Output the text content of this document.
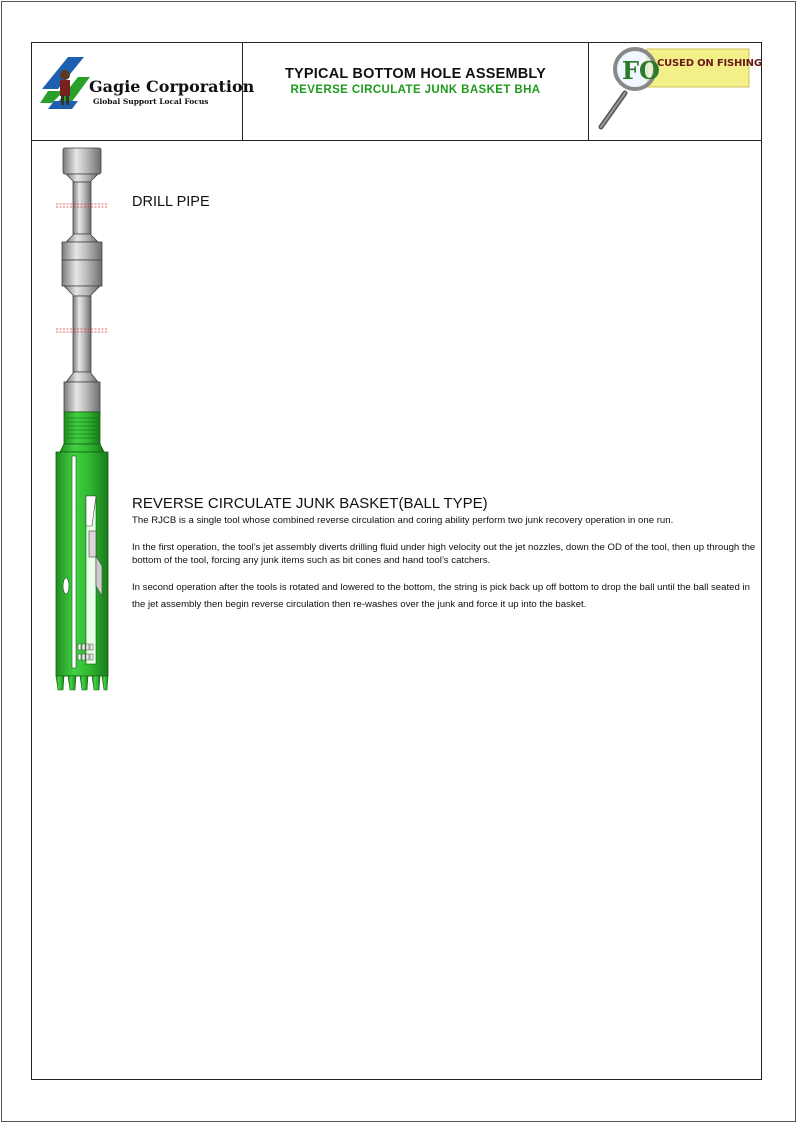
Gagie Corporation
Global Support Local Focus
TYPICAL BOTTOM HOLE ASSEMBLY
REVERSE CIRCULATE JUNK BASKET BHA
FO
CUSED ON FISHING
DRILL PIPE
REVERSE CIRCULATE JUNK BASKET(BALL TYPE)

The RJCB is a single tool whose combined reverse circulation and coring ability perform two junk recovery operation in one run.

In the first operation, the tool’s jet assembly diverts drilling fluid under high velocity out the jet nozzles, down the OD of the tool, then up through the bottom of the tool, forcing any junk items such as bit cones and hand tool’s catchers.

In second operation after the tools is rotated and lowered to the bottom, the string is pick back up off bottom to drop the ball until the ball seated in the jet assembly then begin reverse circulation then re-washes over the junk and force it up into the basket.
